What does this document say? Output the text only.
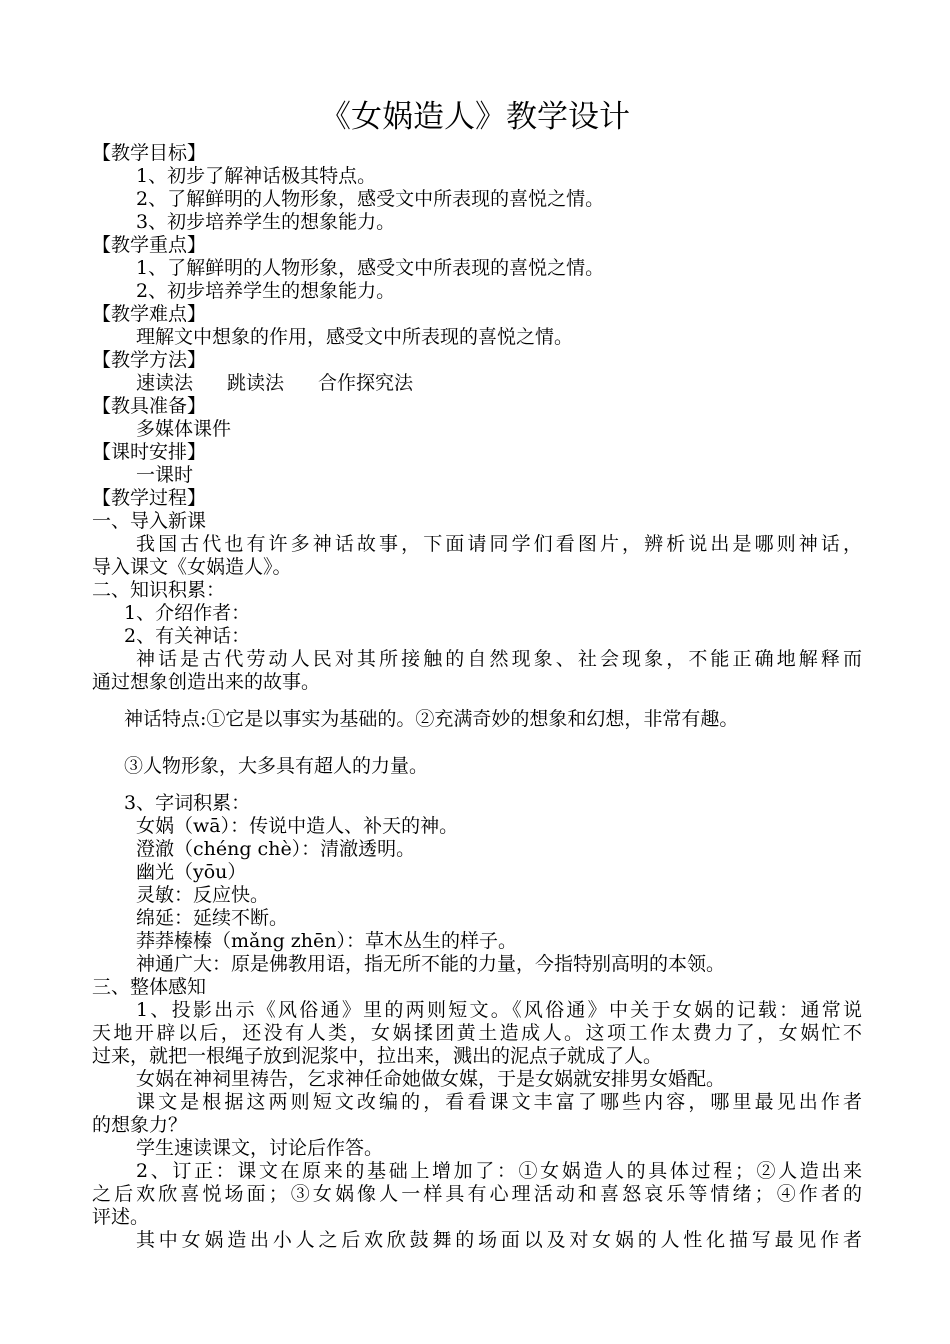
《女娲造人》教学设计
【教学目标】
1、初步了解神话极其特点。
2、了解鲜明的人物形象，感受文中所表现的喜悦之情。
3、初步培养学生的想象能力。
【教学重点】
1、了解鲜明的人物形象，感受文中所表现的喜悦之情。
2、初步培养学生的想象能力。
【教学难点】
理解文中想象的作用，感受文中所表现的喜悦之情。
【教学方法】
速读法 跳读法 合作探究法
【教具准备】
多媒体课件
【课时安排】
一课时
【教学过程】
一、导入新课
我国古代也有许多神话故事，下面请同学们看图片，辨析说出是哪则神话，
导入课文《女娲造人》。
二、知识积累：
1、介绍作者：
2、有关神话：
神话是古代劳动人民对其所接触的自然现象、社会现象，不能正确地解释而
通过想象创造出来的故事。
神话特点:①它是以事实为基础的。②充满奇妙的想象和幻想，非常有趣。
③人物形象，大多具有超人的力量。
3、字词积累：
女娲（wā）：传说中造人、补天的神。
澄澈（chéng chè）：清澈透明。
幽光（yōu）
灵敏：反应快。
绵延：延续不断。
莽莽榛榛（mǎng zhēn）：草木丛生的样子。
神通广大：原是佛教用语，指无所不能的力量，今指特别高明的本领。
三、整体感知
1、投影出示《风俗通》里的两则短文。《风俗通》中关于女娲的记载：通常说
天地开辟以后，还没有人类，女娲揉团黄土造成人。这项工作太费力了，女娲忙不
过来，就把一根绳子放到泥浆中，拉出来，溅出的泥点子就成了人。
女娲在神祠里祷告，乞求神任命她做女媒，于是女娲就安排男女婚配。
课文是根据这两则短文改编的，看看课文丰富了哪些内容，哪里最见出作者
的想象力？
学生速读课文，讨论后作答。
2、订正：课文在原来的基础上增加了：①女娲造人的具体过程；②人造出来
之后欢欣喜悦场面；③女娲像人一样具有心理活动和喜怒哀乐等情绪；④作者的
评述。
其中女娲造出小人之后欢欣鼓舞的场面以及对女娲的人性化描写最见作者
